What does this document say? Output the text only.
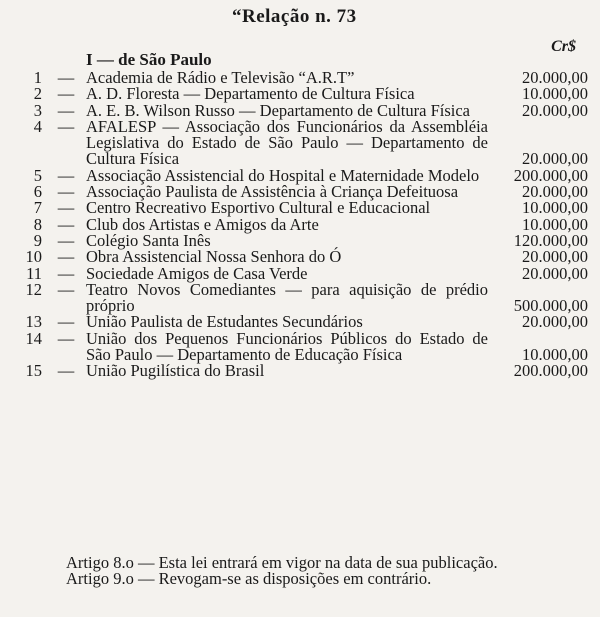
“Relação n. 73
I — de São Paulo
Cr$
1 — Academia de Rádio e Televisão “A.R.T”	20.000,00
2 — A. D. Floresta — Departamento de Cultura Física	10.000,00
3 — A. E. B. Wilson Russo — Departamento de Cultura Física	20.000,00
4 — AFALESP — Associação dos Funcionários da Assembléia Legislativa do Estado de São Paulo — Departamento de Cultura Física	20.000,00
5 — Associação Assistencial do Hospital e Maternidade Modelo	200.000,00
6 — Associação Paulista de Assistência à Criança Defeituosa	20.000,00
7 — Centro Recreativo Esportivo Cultural e Educacional	10.000,00
8 — Club dos Artistas e Amigos da Arte	10.000,00
9 — Colégio Santa Inês	120.000,00
10 — Obra Assistencial Nossa Senhora do Ó	20.000,00
11 — Sociedade Amigos de Casa Verde	20.000,00
12 — Teatro Novos Comediantes — para aquisição de prédio próprio	500.000,00
13 — União Paulista de Estudantes Secundários	20.000,00
14 — União dos Pequenos Funcionários Públicos do Estado de São Paulo — Departamento de Educação Física	10.000,00
15 — União Pugilística do Brasil	200.000,00
Artigo 8.o — Esta lei entrará em vigor na data de sua publicação.
Artigo 9.o — Revogam-se as disposições em contrário.
